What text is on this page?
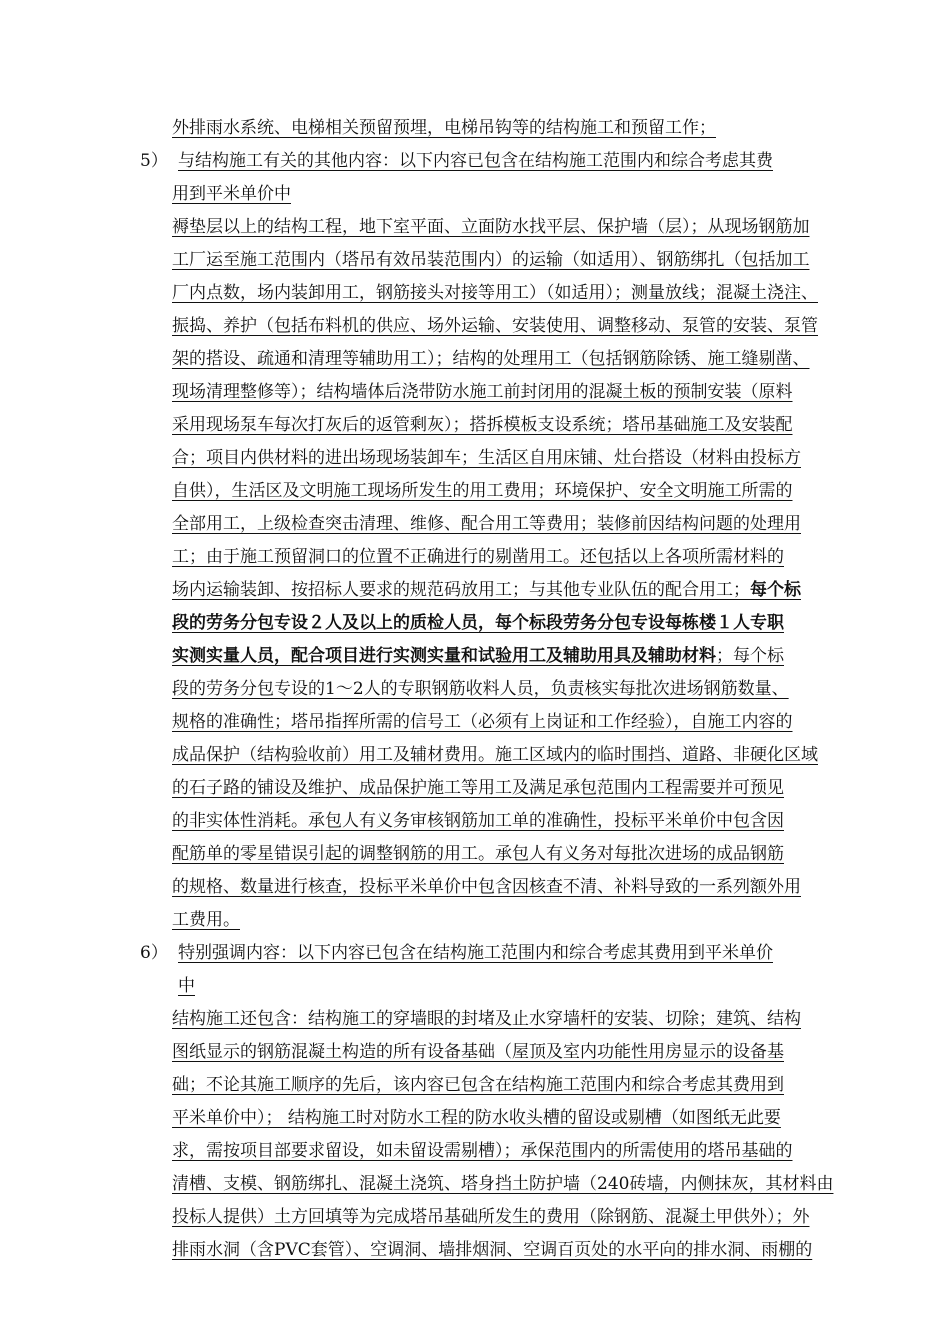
外排雨水系统、电梯相关预留预埋，电梯吊钩等的结构施工和预留工作；
5） 与结构施工有关的其他内容：以下内容已包含在结构施工范围内和综合考虑其费
用到平米单价中
褥垫层以上的结构工程，地下室平面、立面防水找平层、保护墙（层）；从现场钢筋加
工厂运至施工范围内（塔吊有效吊装范围内）的运输（如适用）、钢筋绑扎（包括加工
厂内点数，场内装卸用工，钢筋接头对接等用工）（如适用）；测量放线；混凝土浇注、
振捣、养护（包括布料机的供应、场外运输、安装使用、调整移动、泵管的安装、泵管
架的搭设、疏通和清理等辅助用工）；结构的处理用工（包括钢筋除锈、施工缝剔凿、
现场清理整修等）；结构墙体后浇带防水施工前封闭用的混凝土板的预制安装（原料
采用现场泵车每次打灰后的返管剩灰）；搭拆模板支设系统；塔吊基础施工及安装配
合；项目内供材料的进出场现场装卸车；生活区自用床铺、灶台搭设（材料由投标方
自供），生活区及文明施工现场所发生的用工费用；环境保护、安全文明施工所需的
全部用工，上级检查突击清理、维修、配合用工等费用；装修前因结构问题的处理用
工；由于施工预留洞口的位置不正确进行的剔凿用工。还包括以上各项所需材料的
场内运输装卸、按招标人要求的规范码放用工；与其他专业队伍的配合用工；每个标
段的劳务分包专设２人及以上的质检人员，每个标段劳务分包专设每栋楼１人专职
实测实量人员，配合项目进行实测实量和试验用工及辅助用具及辅助材料；每个标
段的劳务分包专设的1～2人的专职钢筋收料人员，负责核实每批次进场钢筋数量、
规格的准确性；塔吊指挥所需的信号工（必须有上岗证和工作经验），自施工内容的
成品保护（结构验收前）用工及辅材费用。施工区域内的临时围挡、道路、非硬化区域
的石子路的铺设及维护、成品保护施工等用工及满足承包范围内工程需要并可预见
的非实体性消耗。承包人有义务审核钢筋加工单的准确性，投标平米单价中包含因
配筋单的零星错误引起的调整钢筋的用工。承包人有义务对每批次进场的成品钢筋
的规格、数量进行核查，投标平米单价中包含因核查不清、补料导致的一系列额外用
工费用。
6） 特别强调内容：以下内容已包含在结构施工范围内和综合考虑其费用到平米单价
中
结构施工还包含：结构施工的穿墙眼的封堵及止水穿墙杆的安装、切除；建筑、结构
图纸显示的钢筋混凝土构造的所有设备基础（屋顶及室内功能性用房显示的设备基
础；不论其施工顺序的先后，该内容已包含在结构施工范围内和综合考虑其费用到
平米单价中）； 结构施工时对防水工程的防水收头槽的留设或剔槽（如图纸无此要
求，需按项目部要求留设，如未留设需剔槽）；承保范围内的所需使用的塔吊基础的
清槽、支模、钢筋绑扎、混凝土浇筑、塔身挡土防护墙（240砖墙，内侧抹灰，其材料由
投标人提供）土方回填等为完成塔吊基础所发生的费用（除钢筋、混凝土甲供外）；外
排雨水洞（含PVC套管）、空调洞、墙排烟洞、空调百页处的水平向的排水洞、雨棚的
